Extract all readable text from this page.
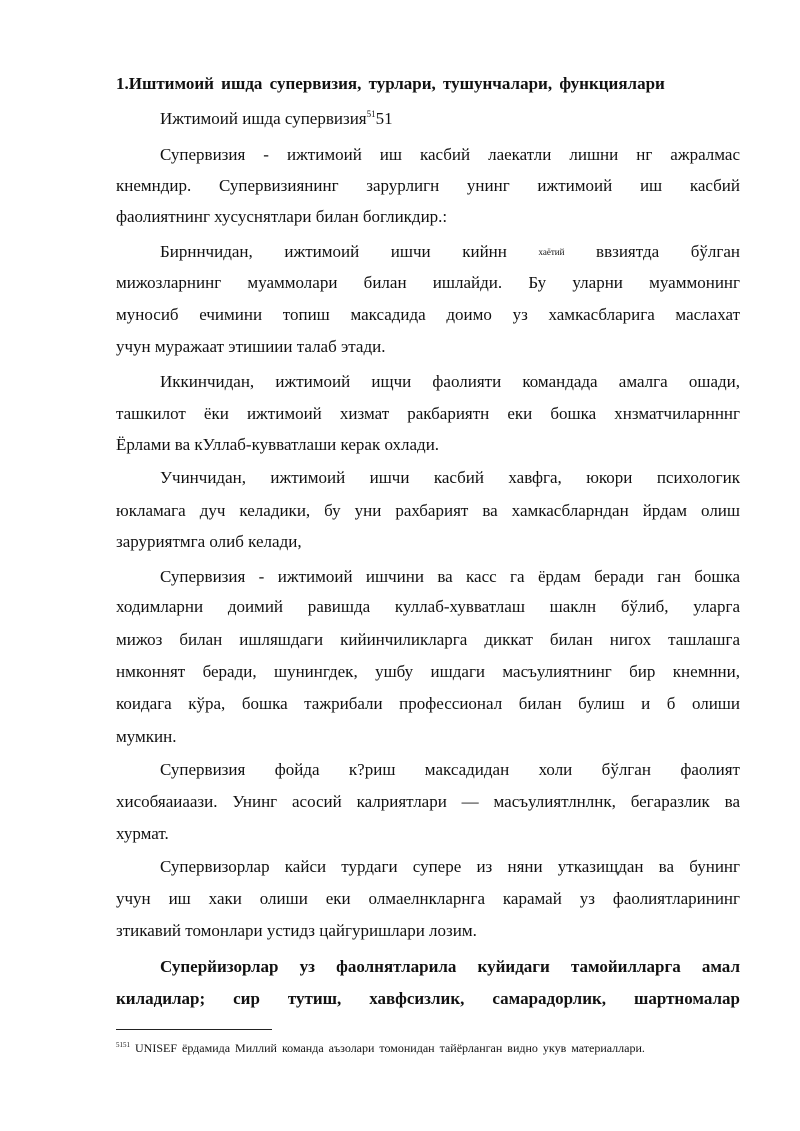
1.Иштимоий ишда супервизия, турлари, тушунчалари, функциялари
Ижтимоий ишда супервизия$^{51}$51
Супервизия - ижтимоий иш касбий лаекатли лишни нг ажралмас
кнемндир. Супервизиянинг зарурлигн унинг ижтимоий иш касбий
фаолиятнинг хусуснятлари билан богликдир.:
Бирннчидан, ижтимоий ишчи кийнн	хаётий ввзиятда бўлган
мижозларнинг муаммолари билан ишлайди. Бу уларни муаммонинг
муносиб ечимини топиш максадида доимо уз хамкасбларига маслахат
учун муражаат этишиии талаб этади.
Иккинчидан, ижтимоий ищчи фаолияти командада амалга ошади,
ташкилот ёки ижтимоий хизмат ракбариятн еки бошка хнзматчиларнннг
Ёрлами ва кУллаб-кувватлаши керак охлади.
Учинчидан, ижтимоий ишчи касбий хавфга, юкори психологик
юкламага дуч келадики, бу уни рахбарият ва хамкасбларндан йрдам олиш
заруриятмга олиб келади,
Супервизия - ижтимоий ишчини ва касс га ёрдам беради ган бошка
ходимларни доимий равишда куллаб-хувватлаш шаклн бўлиб, уларга
мижоз билан ишляшдаги кийинчиликларга диккат билан нигох ташлашга
нмконнят беради, шунингдек, ушбу ишдаги масъулиятнинг бир кнемнни,
коидага кўра, бошка тажрибали профессионал билан булиш и б олиши
мумкин.
Супервизия фойда к?риш максадидан холи бўлган фаолият
хисобяаиаази. Унинг асосий калриятлари — масъулиятлнлнк, бегаразлик ва
хурмат.
Супервизорлар кайси турдаги супере из няни утказищдан ва бунинг
учун иш хаки олиши еки олмаелнкларнга карамай уз фаолиятларининг
зтикавий томонлари устидз цайгуришлари лозим.
Суперйизорлар уз фаолнятларила куйидаги тамойилларга амал
киладилар; сир тутиш, хавфсизлик, самарадорлик, шартномалар
$^{5151}$ UNISEF ёрдамида Миллий команда аъзолари томонидан тайёрланган видно укув материаллари.
